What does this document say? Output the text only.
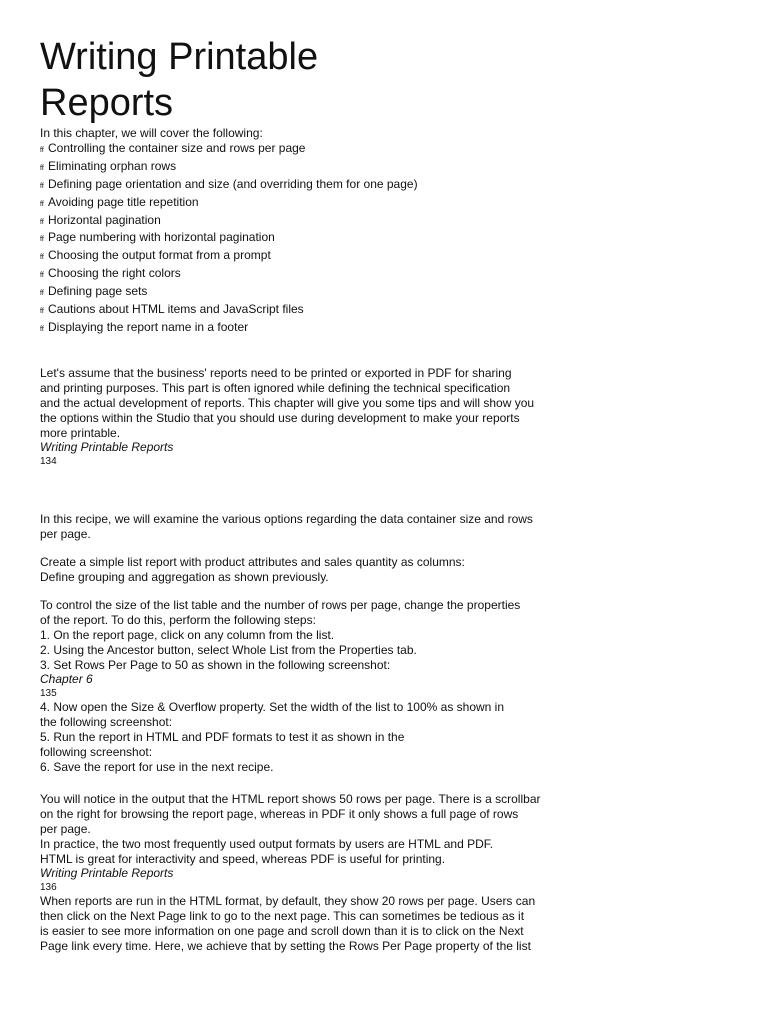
Writing Printable
Reports
In this chapter, we will cover the following:
ff Controlling the container size and rows per page
ff Eliminating orphan rows
ff Defining page orientation and size (and overriding them for one page)
ff Avoiding page title repetition
ff Horizontal pagination
ff Page numbering with horizontal pagination
ff Choosing the output format from a prompt
ff Choosing the right colors
ff Defining page sets
ff Cautions about HTML items and JavaScript files
ff Displaying the report name in a footer
Let's assume that the business' reports need to be printed or exported in PDF for sharing
and printing purposes. This part is often ignored while defining the technical specification
and the actual development of reports. This chapter will give you some tips and will show you
the options within the Studio that you should use during development to make your reports
more printable.
Writing Printable Reports
134
In this recipe, we will examine the various options regarding the data container size and rows
per page.
Create a simple list report with product attributes and sales quantity as columns:
Define grouping and aggregation as shown previously.
To control the size of the list table and the number of rows per page, change the properties
of the report. To do this, perform the following steps:
1. On the report page, click on any column from the list.
2. Using the Ancestor button, select Whole List from the Properties tab.
3. Set Rows Per Page to 50 as shown in the following screenshot:
Chapter 6
135
4. Now open the Size & Overflow property. Set the width of the list to 100% as shown in
the following screenshot:
5. Run the report in HTML and PDF formats to test it as shown in the
following screenshot:
6. Save the report for use in the next recipe.
You will notice in the output that the HTML report shows 50 rows per page. There is a scrollbar
on the right for browsing the report page, whereas in PDF it only shows a full page of rows
per page.
In practice, the two most frequently used output formats by users are HTML and PDF.
HTML is great for interactivity and speed, whereas PDF is useful for printing.
Writing Printable Reports
136
When reports are run in the HTML format, by default, they show 20 rows per page. Users can
then click on the Next Page link to go to the next page. This can sometimes be tedious as it
is easier to see more information on one page and scroll down than it is to click on the Next
Page link every time. Here, we achieve that by setting the Rows Per Page property of the list
